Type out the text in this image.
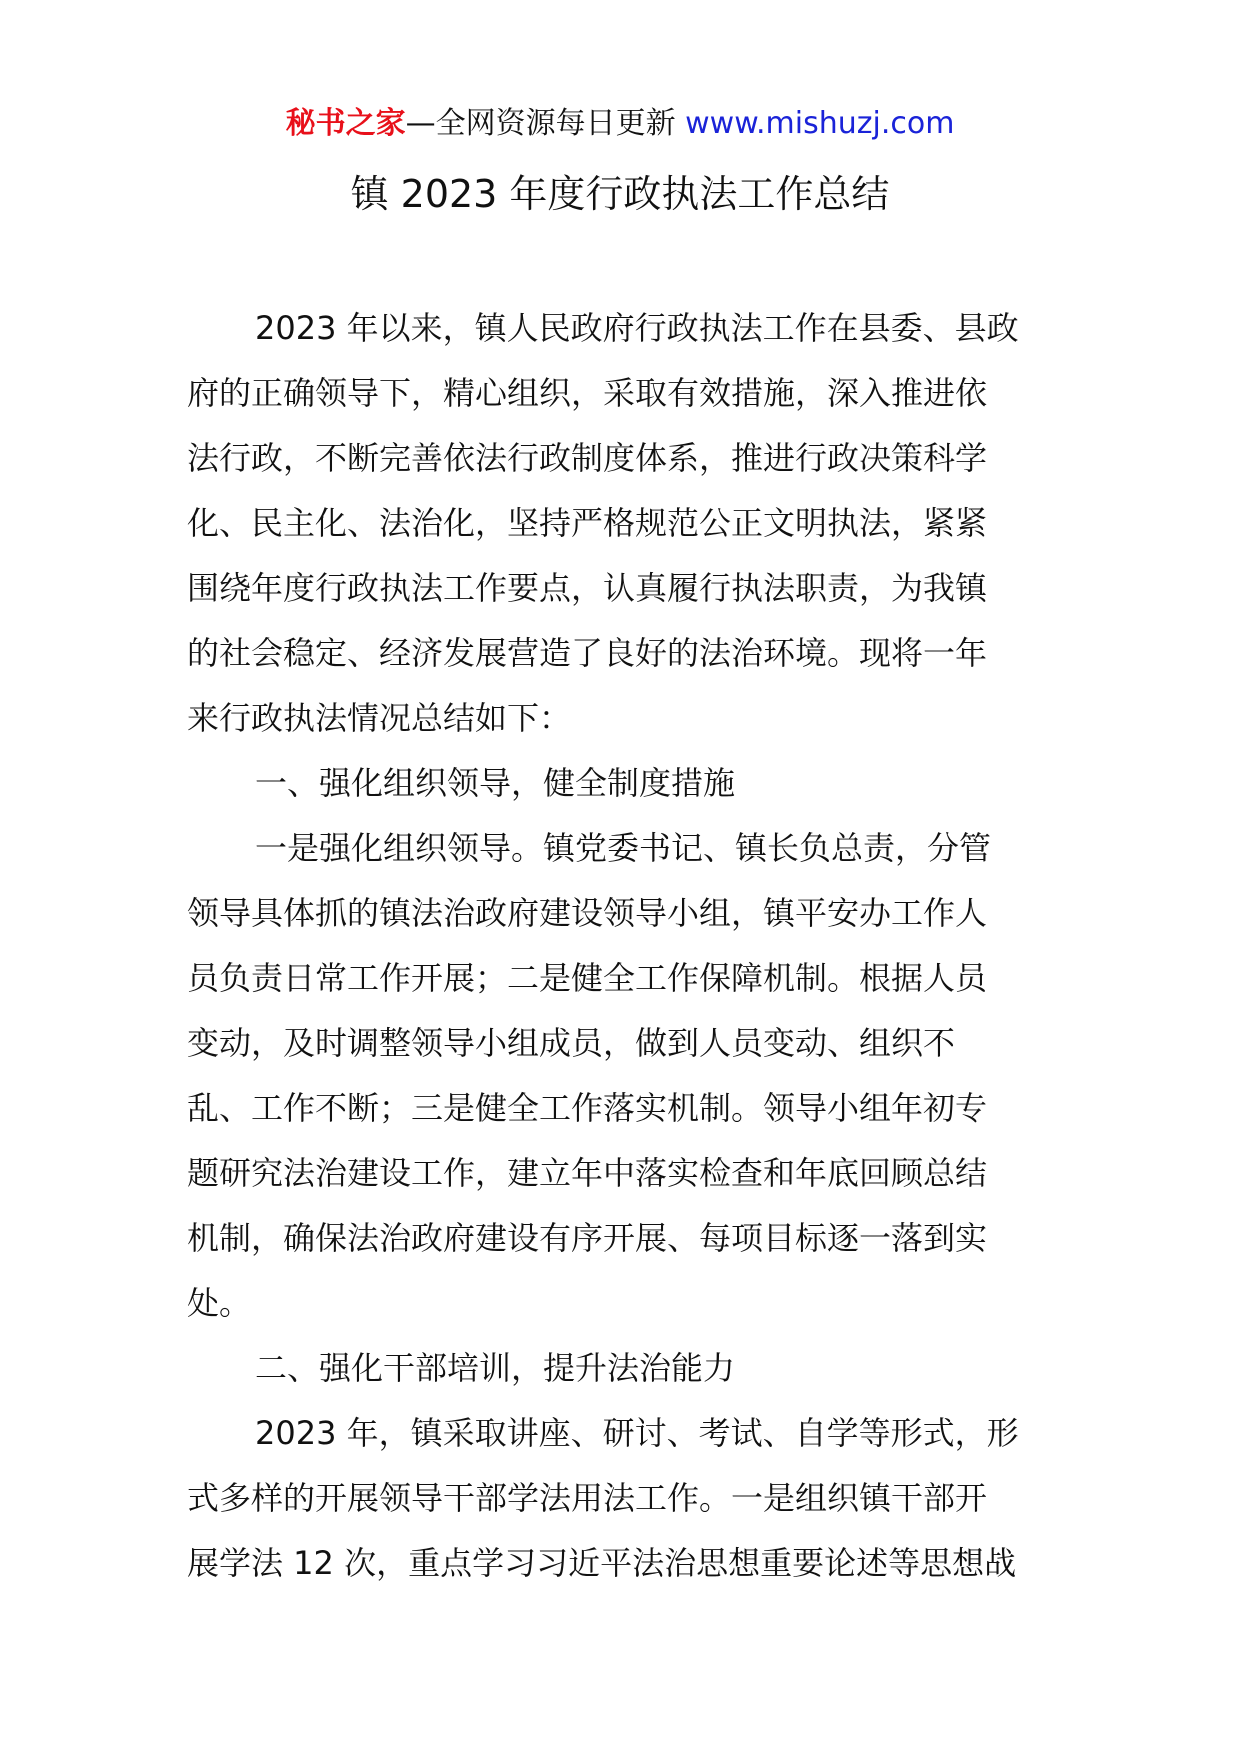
秘书之家—全网资源每日更新 www.mishuzj.com
镇 2023 年度行政执法工作总结
2023 年以来，镇人民政府行政执法工作在县委、县政
府的正确领导下，精心组织，采取有效措施，深入推进依
法行政，不断完善依法行政制度体系，推进行政决策科学
化、民主化、法治化，坚持严格规范公正文明执法，紧紧
围绕年度行政执法工作要点，认真履行执法职责，为我镇
的社会稳定、经济发展营造了良好的法治环境。现将一年
来行政执法情况总结如下：
一、强化组织领导，健全制度措施
一是强化组织领导。镇党委书记、镇长负总责，分管
领导具体抓的镇法治政府建设领导小组，镇平安办工作人
员负责日常工作开展；二是健全工作保障机制。根据人员
变动，及时调整领导小组成员，做到人员变动、组织不
乱、工作不断；三是健全工作落实机制。领导小组年初专
题研究法治建设工作，建立年中落实检查和年底回顾总结
机制，确保法治政府建设有序开展、每项目标逐一落到实
处。
二、强化干部培训，提升法治能力
2023 年，镇采取讲座、研讨、考试、自学等形式，形
式多样的开展领导干部学法用法工作。一是组织镇干部开
展学法 12 次，重点学习习近平法治思想重要论述等思想战
